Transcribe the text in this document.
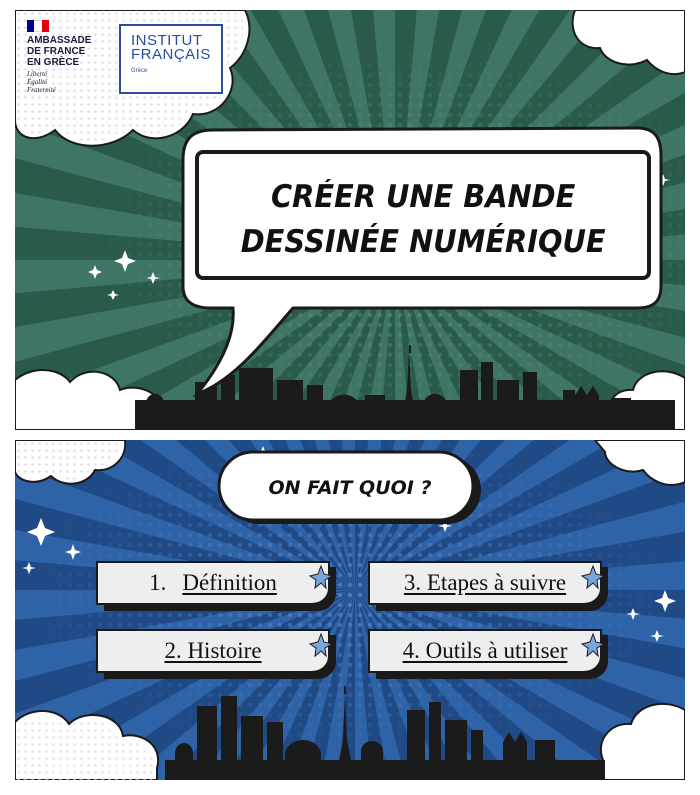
AMBASSADE
DE FRANCE
EN GRÈCE
Liberté
Égalité
Fraternité
INSTITUT
FRANÇAIS
Grèce
CRÉER UNE BANDE
DESSINÉE NUMÉRIQUE
ON FAIT QUOI ?
1. Définition
2. Histoire
3. Etapes à suivre
4. Outils à utiliser
